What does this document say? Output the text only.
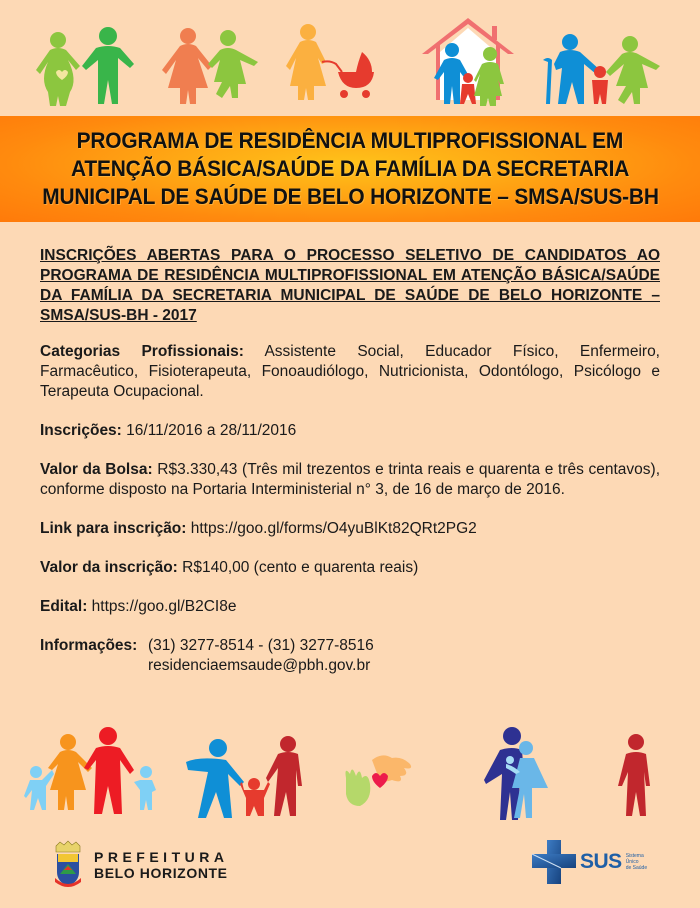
PROGRAMA DE RESIDÊNCIA MULTIPROFISSIONAL EM
ATENÇÃO BÁSICA/SAÚDE DA FAMÍLIA DA SECRETARIA
MUNICIPAL DE SAÚDE DE BELO HORIZONTE – SMSA/SUS-BH

INSCRIÇÕES ABERTAS PARA O PROCESSO SELETIVO DE CANDIDATOS AO PROGRAMA DE RESIDÊNCIA MULTIPROFISSIONAL EM ATENÇÃO BÁSICA/SAÚDE DA FAMÍLIA DA SECRETARIA MUNICIPAL DE SAÚDE DE BELO HORIZONTE – SMSA/SUS-BH - 2017

Categorias Profissionais: Assistente Social, Educador Físico, Enfermeiro, Farmacêutico, Fisioterapeuta, Fonoaudiólogo, Nutricionista, Odontólogo, Psicólogo e Terapeuta Ocupacional.

Inscrições: 16/11/2016 a 28/11/2016

Valor da Bolsa: R$3.330,43 (Três mil trezentos e trinta reais e quarenta e três centavos), conforme disposto na Portaria Interministerial n° 3, de 16 de março de 2016.

Link para inscrição: https://goo.gl/forms/O4yuBlKt82QRt2PG2

Valor da inscrição: R$140,00 (cento e quarenta reais)

Edital: https://goo.gl/B2CI8e

Informações: (31) 3277-8514 - (31) 3277-8516
residenciaemsaude@pbh.gov.br
PREFEITURA
BELO HORIZONTE	SUS Sistema
Único
de Saúde
